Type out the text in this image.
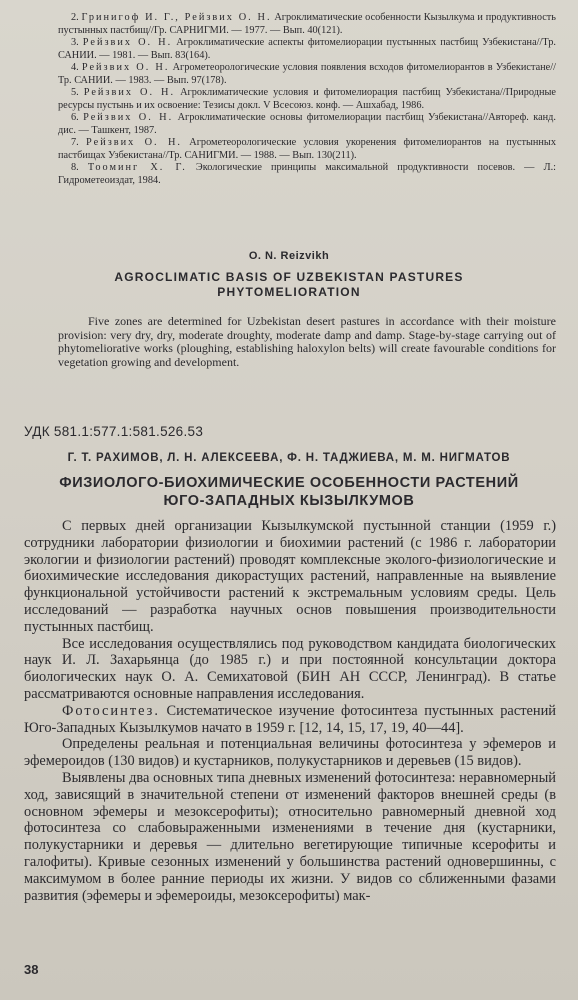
2. Гринигоф И. Г., Рейзвих О. Н. Агроклиматические особенности Кызылкума и продуктивность пустынных пастбищ//Гр. САРНИГМИ. — 1977. — Вып. 40(121).

3. Рейзвих О. Н. Агроклиматические аспекты фитомелиорации пустынных пастбищ Узбекистана//Тр. САНИИ. — 1981. — Вып. 83(164).

4. Рейзвих О. Н. Агрометеорологические условия появления всходов фитомелиорантов в Узбекистане//Тр. САНИИ. — 1983. — Вып. 97(178).

5. Рейзвих О. Н. Агроклиматические условия и фитомелиорация пастбищ Узбекистана//Природные ресурсы пустынь и их освоение: Тезисы докл. V Всесоюз. конф. — Ашхабад, 1986.

6. Рейзвих О. Н. Агроклиматические основы фитомелиорации пастбищ Узбекистана//Автореф. канд. дис. — Ташкент, 1987.

7. Рейзвих О. Н. Агрометеорологические условия укоренения фитомелиорантов на пустынных пастбищах Узбекистана//Тр. САНИГМИ. — 1988. — Вып. 130(211).

8. Тооминг Х. Г. Экологические принципы максимальной продуктивности посевов. — Л.: Гидрометеоиздат, 1984.

O. N. Reizvikh
AGROCLIMATIC BASIS OF UZBEKISTAN PASTURES
PHYTOMELIORATION
Five zones are determined for Uzbekistan desert pastures in accordance with their moisture provision: very dry, dry, moderate droughty, moderate damp and damp. Stage-by-stage carrying out of phytomeliorative works (ploughing, establishing haloxylon belts) will create favourable conditions for vegetation growing and development.
УДК 581.1:577.1:581.526.53
Г. Т. РАХИМОВ, Л. Н. АЛЕКСЕЕВА, Ф. Н. ТАДЖИЕВА, М. М. НИГМАТОВ
ФИЗИОЛОГО-БИОХИМИЧЕСКИЕ ОСОБЕННОСТИ РАСТЕНИЙ
ЮГО-ЗАПАДНЫХ КЫЗЫЛКУМОВ

С первых дней организации Кызылкумской пустынной станции (1959 г.) сотрудники лаборатории физиологии и биохимии растений (с 1986 г. лаборатории экологии и физиологии растений) проводят комплексные эколого-физиологические и биохимические исследования дикорастущих растений, направленные на выявление функциональной устойчивости растений к экстремальным условиям среды. Цель исследований — разработка научных основ повышения производительности пустынных пастбищ.

Все исследования осуществлялись под руководством кандидата биологических наук И. Л. Захарьянца (до 1985 г.) и при постоянной консультации доктора биологических наук О. А. Семихатовой (БИН АН СССР, Ленинград). В статье рассматриваются основные направления исследования.

Фотосинтез. Систематическое изучение фотосинтеза пустынных растений Юго-Западных Кызылкумов начато в 1959 г. [12, 14, 15, 17, 19, 40—44].

Определены реальная и потенциальная величины фотосинтеза у эфемеров и эфемероидов (130 видов) и кустарников, полукустарников и деревьев (15 видов).

Выявлены два основных типа дневных изменений фотосинтеза: неравномерный ход, зависящий в значительной степени от изменений факторов внешней среды (в основном эфемеры и мезоксерофиты); относительно равномерный дневной ход фотосинтеза со слабовыраженными изменениями в течение дня (кустарники, полукустарники и деревья — длительно вегетирующие типичные ксерофиты и галофиты). Кривые сезонных изменений у большинства растений одновершинны, с максимумом в более ранние периоды их жизни. У видов со сближенными фазами развития (эфемеры и эфемероиды, мезоксерофиты) мак-

38
